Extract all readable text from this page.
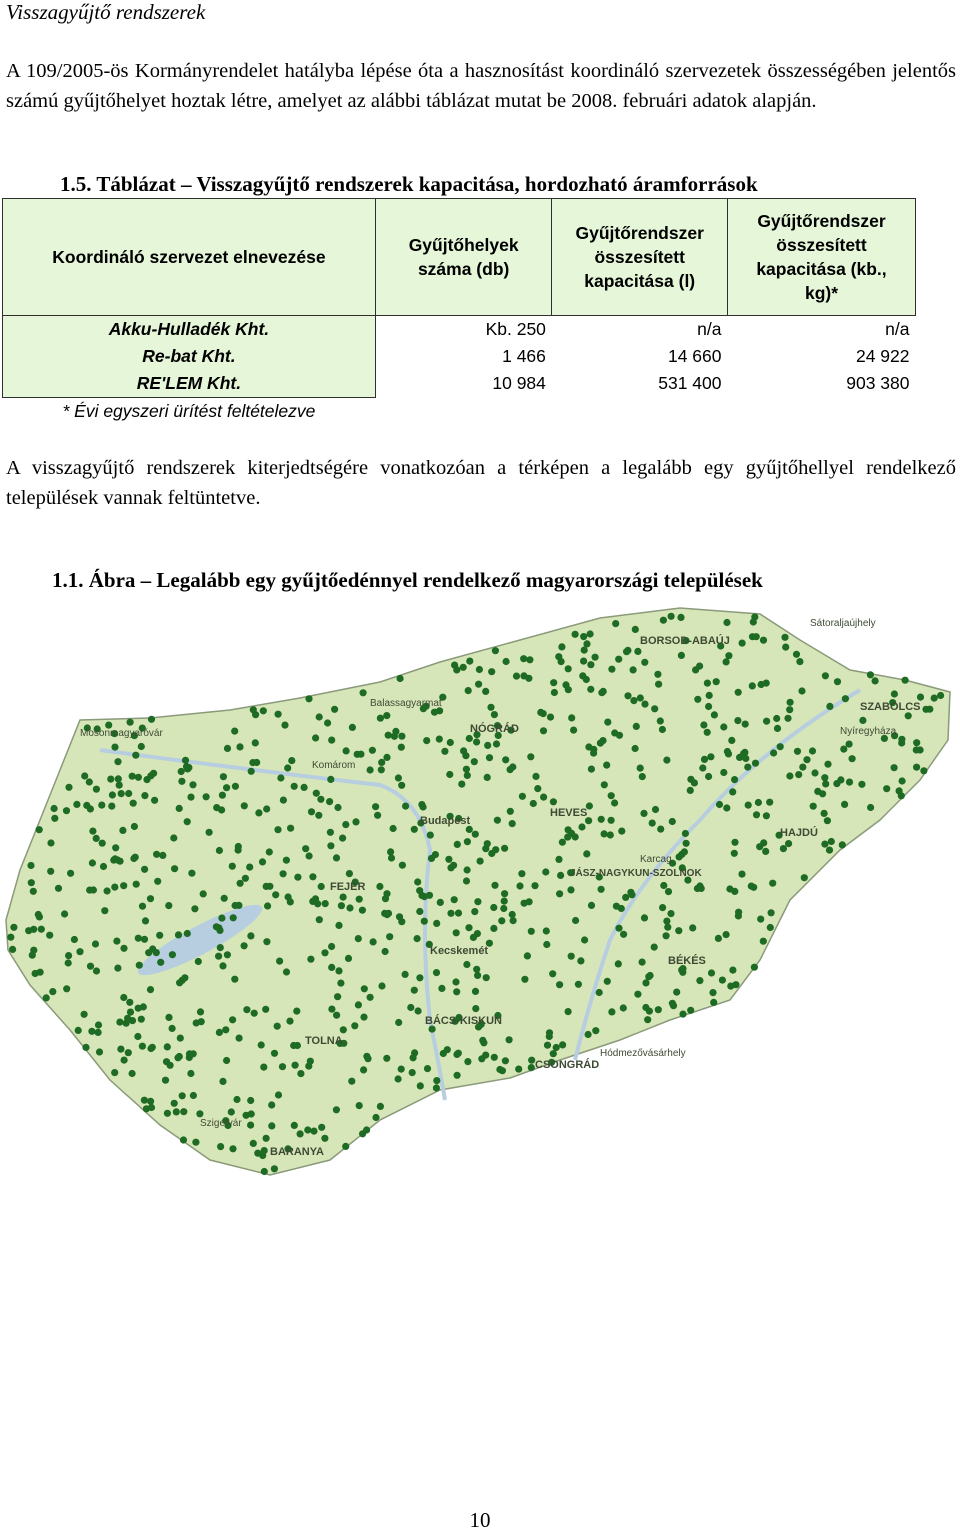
Visszagyűjtő rendszerek

A 109/2005-ös Kormányrendelet hatályba lépése óta a hasznosítást koordináló szervezetek összességében jelentős számú gyűjtőhelyet hoztak létre, amelyet az alábbi táblázat mutat be 2008. februári adatok alapján.

1.5. Táblázat – Visszagyűjtő rendszerek kapacitása, hordozható áramforrások

Koordináló szervezet elnevezése	Gyűjtőhelyek száma (db)	Gyűjtőrendszer összesített kapacitása (l)	Gyűjtőrendszer összesített kapacitása (kb., kg)*
Akku-Hulladék Kht.	Kb. 250	n/a	n/a
Re-bat Kht.	1 466	14 660	24 922
RE'LEM Kht.	10 984	531 400	903 380
* Évi egyszeri ürítést feltételezve			

A visszagyűjtő rendszerek kiterjedtségére vonatkozóan a térképen a legalább egy gyűjtőhellyel rendelkező települések vannak feltüntetve.

1.1. Ábra – Legalább egy gyűjtőedénnyel rendelkező magyarországi települések

BORSOD-ABAÚJ
Sátoraljaújhely
SZABOLCS
Nyíregyháza
Balassagyarmat
NÓGRÁD
Mosonmagyaróvár
Komárom
Budapest
HEVES
HAJDÚ
FEJÉR
Karcag
JÁSZ-NAGYKUN-SZOLNOK
Kecskemét
BÉKÉS
BÁCS-KISKUN
TOLNA
CSONGRÁD
Hódmezővásárhely
Szigetvár
BARANYA

10
